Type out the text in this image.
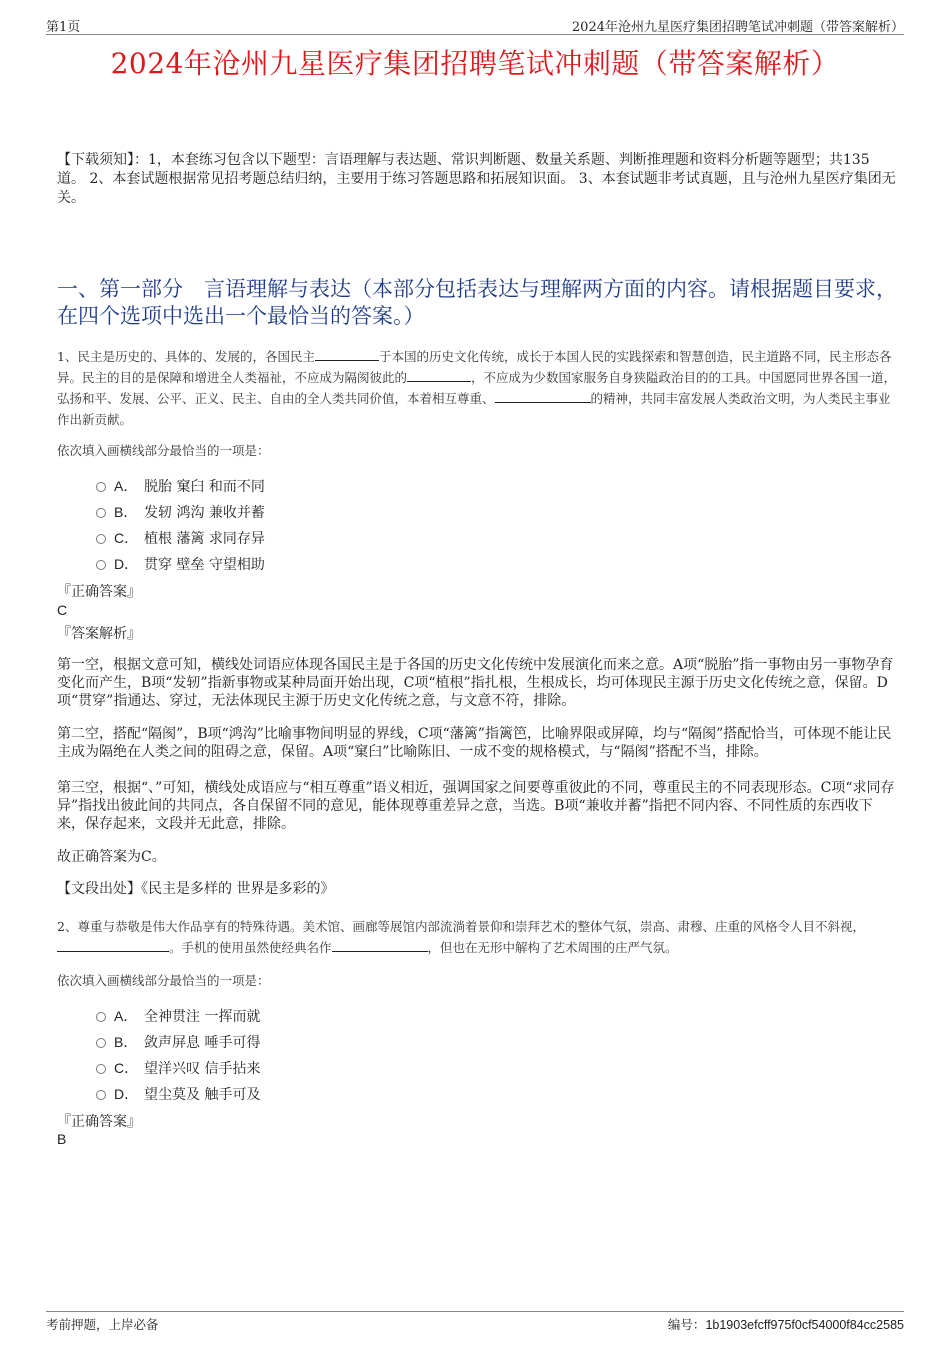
第1页	2024年沧州九星医疗集团招聘笔试冲刺题（带答案解析）
2024年沧州九星医疗集团招聘笔试冲刺题（带答案解析）
【下载须知】：1，本套练习包含以下题型：言语理解与表达题、常识判断题、数量关系题、判断推理题和资料分析题等题型；共135道。 2、本套试题根据常见招考题总结归纳，主要用于练习答题思路和拓展知识面。 3、本套试题非考试真题，且与沧州九星医疗集团无关。
一、第一部分　言语理解与表达（本部分包括表达与理解两方面的内容。请根据题目要求，在四个选项中选出一个最恰当的答案。）
1、民主是历史的、具体的、发展的，各国民主	于本国的历史文化传统，成长于本国人民的实践探索和智慧创造，民主道路不同，民主形态各异。民主的目的是保障和增进全人类福祉，不应成为隔阂彼此的	，不应成为少数国家服务自身狭隘政治目的的工具。中国愿同世界各国一道，弘扬和平、发展、公平、正义、民主、自由的全人类共同价值，本着相互尊重、	的精神，共同丰富发展人类政治文明，为人类民主事业作出新贡献。
依次填入画横线部分最恰当的一项是：
A． 脱胎 窠臼 和而不同
B． 发轫 鸿沟 兼收并蓄
C． 植根 藩篱 求同存异
D． 贯穿 壁垒 守望相助
『正确答案』
C
『答案解析』
第一空，根据文意可知，横线处词语应体现各国民主是于各国的历史文化传统中发展演化而来之意。A项“脱胎”指一事物由另一事物孕育变化而产生，B项“发轫”指新事物或某种局面开始出现，C项“植根”指扎根，生根成长，均可体现民主源于历史文化传统之意，保留。D项“贯穿”指通达、穿过，无法体现民主源于历史文化传统之意，与文意不符，排除。
第二空，搭配“隔阂”，B项“鸿沟”比喻事物间明显的界线，C项“藩篱”指篱笆，比喻界限或屏障，均与“隔阂”搭配恰当，可体现不能让民主成为隔绝在人类之间的阻碍之意，保留。A项“窠臼”比喻陈旧、一成不变的规格模式，与“隔阂”搭配不当，排除。
第三空，根据“、”可知，横线处成语应与“相互尊重”语义相近，强调国家之间要尊重彼此的不同，尊重民主的不同表现形态。C项“求同存异”指找出彼此间的共同点，各自保留不同的意见，能体现尊重差异之意，当选。B项“兼收并蓄”指把不同内容、不同性质的东西收下来，保存起来，文段并无此意，排除。
故正确答案为C。
【文段出处】《民主是多样的 世界是多彩的》
2、尊重与恭敬是伟大作品享有的特殊待遇。美术馆、画廊等展馆内部流淌着景仰和崇拜艺术的整体气氛，崇高、肃穆、庄重的风格令人目不斜视，。手机的使用虽然使经典名作	，但也在无形中解构了艺术周围的庄严气氛。
依次填入画横线部分最恰当的一项是：
A． 全神贯注 一挥而就
B． 敛声屏息 唾手可得
C． 望洋兴叹 信手拈来
D． 望尘莫及 触手可及
『正确答案』
B
考前押题，上岸必备	编号：1b1903efcff975f0cf54000f84cc2585
